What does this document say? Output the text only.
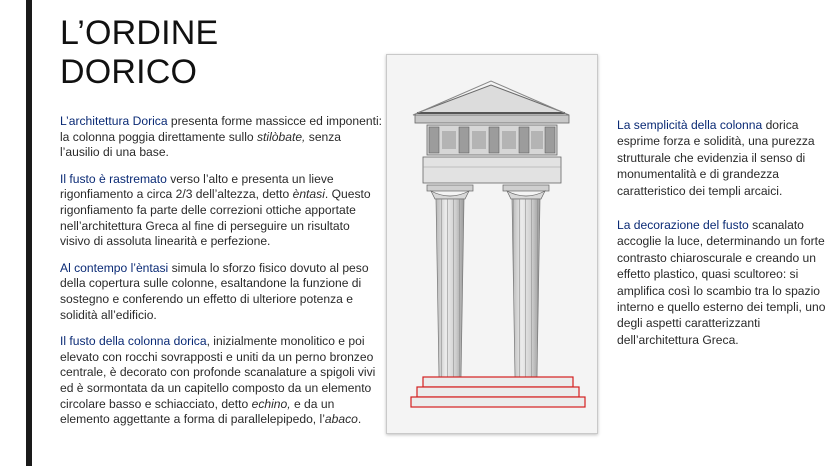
L’ORDINE
DORICO

L’architettura Dorica presenta forme massicce ed imponenti: la colonna poggia direttamente sullo stilòbate, senza l’ausilio di una base.

Il fusto è rastremato verso l’alto e presenta un lieve rigonfiamento a circa 2/3 dell’altezza, detto èntasi. Questo rigonfiamento fa parte delle correzioni ottiche apportate nell’architettura Greca al fine di perseguire un risultato visivo di assoluta linearità e perfezione.

Al contempo l’èntasi simula lo sforzo fisico dovuto al peso della copertura sulle colonne, esaltandone la funzione di sostegno e conferendo un effetto di ulteriore potenza e solidità all’edificio.

Il fusto della colonna dorica, inizialmente monolitico e poi elevato con rocchi sovrapposti e uniti da un perno bronzeo centrale, è decorato con profonde scanalature a spigoli vivi ed è sormontata da un capitello composto da un elemento circolare basso e schiacciato, detto echino, e da un elemento aggettante a forma di parallelepipedo, l’abaco.

La semplicità della colonna dorica esprime forza e solidità, una purezza strutturale che evidenzia il senso di monumentalità e di grandezza caratteristico dei templi arcaici.

La decorazione del fusto scanalato accoglie la luce, determinando un forte contrasto chiaroscurale e creando un effetto plastico, quasi scultoreo: si amplifica così lo scambio tra lo spazio interno e quello esterno dei templi, uno degli aspetti caratterizzanti dell’architettura Greca.
